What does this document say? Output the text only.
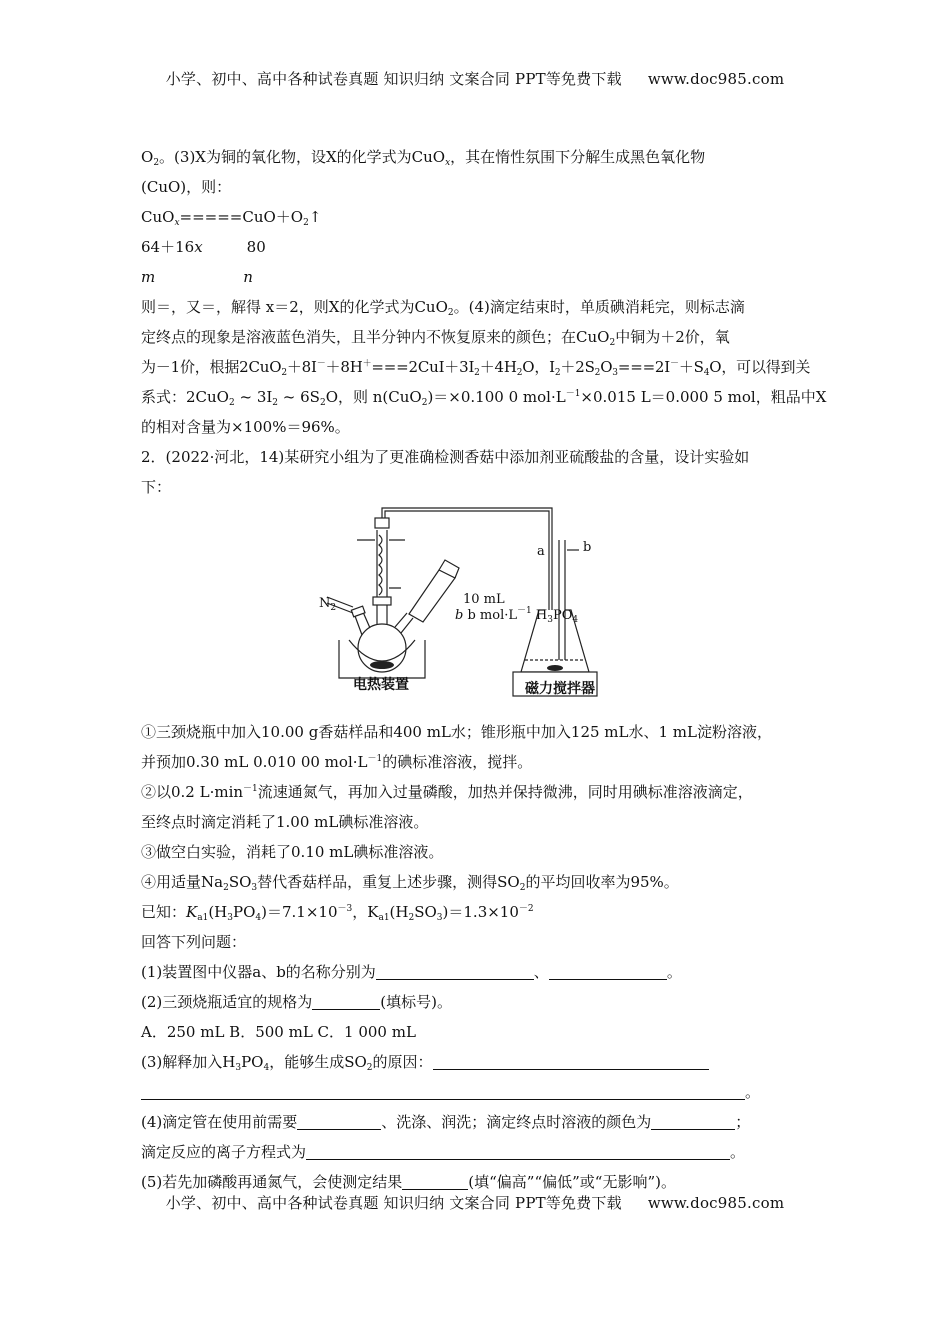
小学、初中、高中各种试卷真题 知识归纳 文案合同 PPT等免费下载 www.doc985.com
$O_2$。(3)X为铜的氧化物，设X的化学式为CuO$_x$，其在惰性氛围下分解生成黑色氧化物
(CuO)，则：
$CuO_x=====CuO+O_2↑$
64＋16x	80
m	n
则＝，又＝，解得 x＝2，则X的化学式为CuO$_2$。(4)滴定结束时，单质碘消耗完，则标志滴
定终点的现象是溶液蓝色消失，且半分钟内不恢复原来的颜色；在CuO$_2$中铜为＋2价，氧
为－1价，根据$2CuO_2+8I^-+8H^+===2CuI+3I_2+4H_2O$，$I_2+2S_2O_3===2I^-+S_4O$，可以得到关
系式：2CuO$_2$ ~ $3I_2$ ~ $6S_2O$，则 n(CuO$_2$)＝×0.100 0 $mol\cdot L^{-1}\times 0.015$ L＝0.000 5 mol，粗品中X
的相对含量为×100%＝96%。
2．(2022·河北，14)某研究小组为了更准确检测香菇中添加剂亚硫酸盐的含量，设计实验如
下：
a
$N_2$
b
10 mL
b b $mol\cdot L^{-1}$ $H_3PO_4$
电热装置	磁力搅拌器
①三颈烧瓶中加入10.00 g香菇样品和400 mL水；锥形瓶中加入125 mL水、1 mL淀粉溶液，
并预加0.30 mL 0.010 00 $mol\cdot L^{-1}$的碘标准溶液，搅拌。
②以0.2 $L\cdot\min^{-1}$流速通氮气，再加入过量磷酸，加热并保持微沸，同时用碘标准溶液滴定，
至终点时滴定消耗了1.00 mL碘标准溶液。
③做空白实验，消耗了0.10 mL碘标准溶液。
④用适量$Na_2SO_3$替代香菇样品，重复上述步骤，测得$SO_2$的平均回收率为95%。
已知：$K_{a1}(H_3PO_4)=7.1\times 10^{-3}$，$K_{a1}(H_2SO_3)=1.3\times 10^{-2}$
回答下列问题：
(1)装置图中仪器a、b的名称分别为	、	。
(2)三颈烧瓶适宜的规格为	(填标号)。
A．250 mL B．500 mL C．1 000 mL
(3)解释加入$H_3PO_4$，能够生成$SO_2$的原因：
。
(4)滴定管在使用前需要	、洗涤、润洗；滴定终点时溶液的颜色为	；
滴定反应的离子方程式为	。
(5)若先加磷酸再通氮气，会使测定结果	(填“偏高”“偏低”或“无影响”)。
小学、初中、高中各种试卷真题 知识归纳 文案合同 PPT等免费下载 www.doc985.com
